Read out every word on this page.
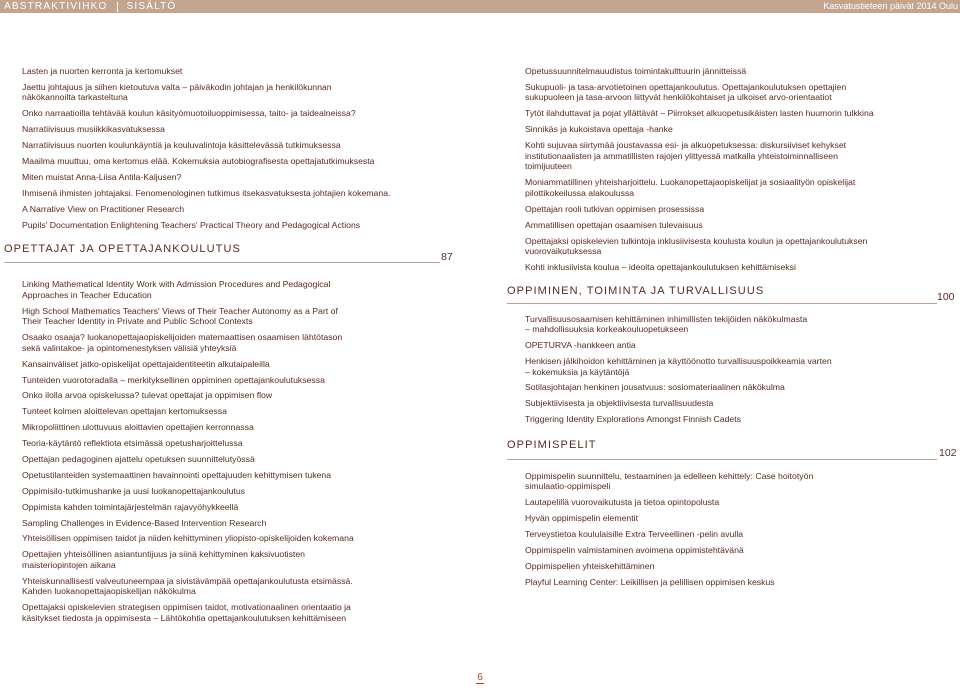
ABSTRAKTIVIHKO SISÄLTÖ	Kasvatustieteen päivät 2014 Oulu
Lasten ja nuorten kerronta ja kertomukset
Jaettu johtajuus ja siihen kietoutuva valta – päiväkodin johtajan ja henkilökunnan
näkökannoilta tarkasteltuna
Onko narraatioilla tehtävää koulun käsityömuotoiluoppimisessa, taito- ja taidealneissa?
Narratiivisuus musiikkikasvatuksessa
Narratiivisuus nuorten koulunkäyntiä ja kouluvalintoja käsittelevässä tutkimuksessa
Maailma muuttuu, oma kertomus elää. Kokemuksia autobiografisesta opettajatutkimuksesta
Miten muistat Anna-Liisa Antila-Kaljusen?
Ihmisenä ihmisten johtajaksi. Fenomenologinen tutkimus itsekasvatuksesta johtajien kokemana.
A Narrative View on Practitioner Research
Pupils' Documentation Enlightening Teachers' Practical Theory and Pedagogical Actions
OPETTAJAT JA OPETTAJANKOULUTUS
87
Linking Mathematical Identity Work with Admission Procedures and Pedagogical
Approaches in Teacher Education
High School Mathematics Teachers' Views of Their Teacher Autonomy as a Part of
Their Teacher Identity in Private and Public School Contexts
Osaako osaaja? luokanopettajaopiskelijoiden matemaattisen osaamisen lähtötason
sekä valintakoe- ja opintomenestyksen välisiä yhteyksiä
Kansainväliset jatko-opiskelijat opettajaidentiteetin alkutaipaleilla
Tunteiden vuorotoradalla – merkityksellinen oppiminen opettajankoulutuksessa
Onko ilolla arvoa opiskelussa? tulevat opettajat ja oppimisen flow
Tunteet kolmen aloittelevan opettajan kertomuksessa
Mikropoliittinen ulottuvuus aloittavien opettajien kerronnassa
Teoria-käytäntö reflektiota etsimässä opetusharjoittelussa
Opettajan pedagoginen ajattelu opetuksen suunnittelutyössä
Opetustilanteiden systemaattinen havainnointi opettajuuden kehittymisen tukena
Oppimisilo-tutkimushanke ja uusi luokanopettajankoulutus
Oppimista kahden toimintajärjestelmän rajavyöhykkeellä
Sampling Challenges in Evidence-Based Intervention Research
Yhteisöllisen oppimisen taidot ja niiden kehittyminen yliopisto-opiskelijoiden kokemana
Opettajien yhteisöllinen asiantuntijuus ja siinä kehittyminen kaksivuotisten
maisteriopintojen aikana
Yhteiskunnallisesti valveutuneempaa ja sivistävämpää opettajankoulutusta etsimässä.
Kahden luokanopettajaopiskelijan näkökulma
Opettajaksi opiskelevien strategisen oppimisen taidot, motivationaalinen orientaatio ja
käsitykset tiedosta ja oppimisesta – Lähtökohtia opettajankoulutuksen kehittämiseen
Opetussuunnitelmauudistus toimintakulttuurin jännitteissä
Sukupuoli- ja tasa-arvotietoinen opettajankoulutus. Opettajankoulutuksen opettajien
sukupuoleen ja tasa-arvoon liittyvät henkilökohtaiset ja ulkoiset arvo-orientaatiot
Tytöt ilahduttavat ja pojat yllättävät – Piirrokset alkuopetusikäisten lasten huumorin tulkkina
Sinnikäs ja kukoistava opettaja -hanke
Kohti sujuvaa siirtymää joustavassa esi- ja alkuopetuksessa: diskursiiviset kehykset
institutionaalisten ja ammatillisten rajojen ylittyessä matkalla yhteistoiminnalliseen
toimijuuteen
Moniammatillinen yhteisharjoittelu. Luokanopettajaopiskelijat ja sosiaalityön opiskelijat
pilottikokeilussa alakoulussa
Opettajan rooli tutkivan oppimisen prosessissa
Ammatillisen opettajan osaamisen tulevaisuus
Opettajaksi opiskelevien tulkintoja inklusiivisesta koulusta koulun ja opettajankoulutuksen
vuorovaikutuksessa
Kohti inklusiivista koulua – ideoita opettajankoulutuksen kehittämiseksi
OPPIMINEN, TOIMINTA JA TURVALLISUUS	100
Turvallisuusosaamisen kehittäminen inhimillisten tekijöiden näkökulmasta
– mahdollisuuksia korkeakouluopetukseen
OPETURVA -hankkeen antia
Henkisen jälkihoidon kehittäminen ja käyttöönotto turvallisuuspoikkeamia varten
– kokemuksia ja käytäntöjä
Sotilasjohtajan henkinen jousatvuus: sosiomateriaalinen näkökulma
Subjektiivisesta ja objektiivisesta turvallisuudesta
Triggering Identity Explorations Amongst Finnish Cadets
OPPIMISPELIT
102
Oppimispelin suunnittelu, testaaminen ja edelleen kehittely: Case hoitotyön
simulaatio-oppimispeli
Lautapelillä vuorovaikutusta ja tietoa opintopolusta
Hyvän oppimispelin elementit
Terveystietoa koululaisille Extra Terveellinen -pelin avulla
Oppimispelin valmistaminen avoimena oppimistehtävänä
Oppimispelien yhteiskehittäminen
Playful Learning Center: Leikillisen ja pelillisen oppimisen keskus
6
